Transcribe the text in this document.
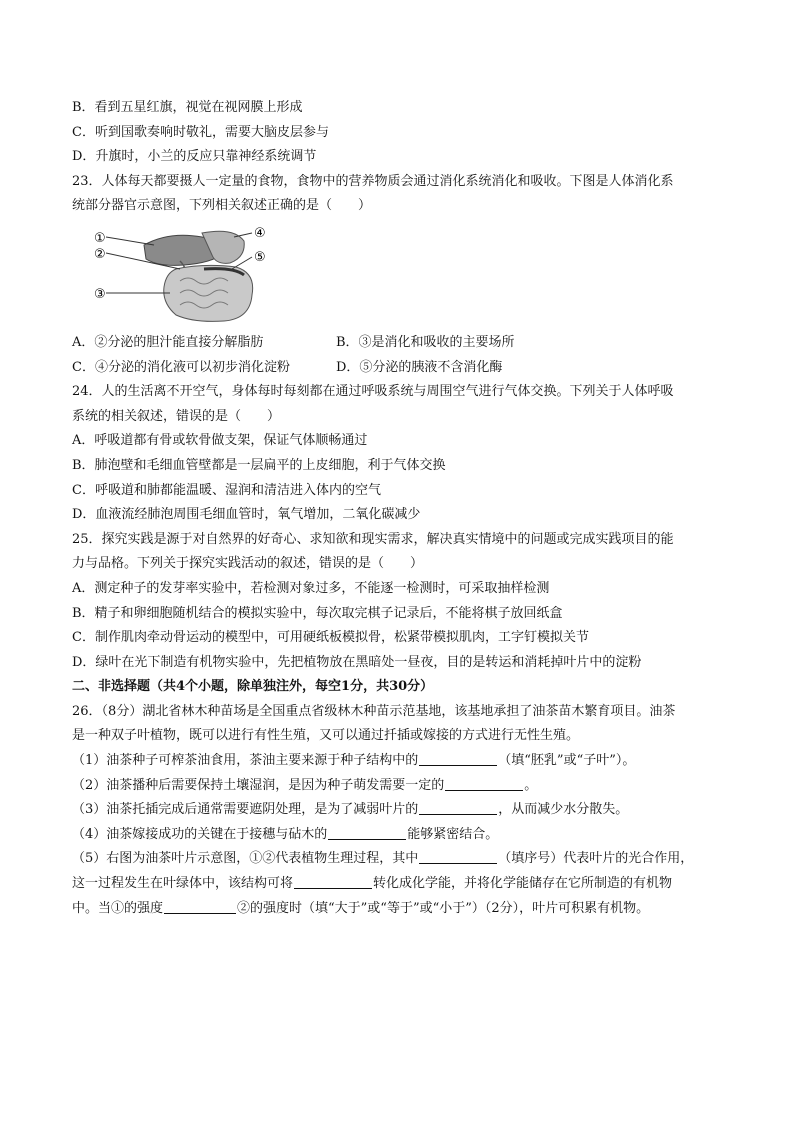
B．看到五星红旗，视觉在视网膜上形成
C．听到国歌奏响时敬礼，需要大脑皮层参与
D．升旗时，小兰的反应只靠神经系统调节
23．人体每天都要摄人一定量的食物，食物中的营养物质会通过消化系统消化和吸收。下图是人体消化系
统部分器官示意图，下列相关叙述正确的是（　　）
①
②
③
④
⑤
A．②分泌的胆汁能直接分解脂肪	B．③是消化和吸收的主要场所
C．④分泌的消化液可以初步消化淀粉	D．⑤分泌的胰液不含消化酶
24．人的生活离不开空气，身体每时每刻都在通过呼吸系统与周围空气进行气体交换。下列关于人体呼吸
系统的相关叙述，错误的是（　　）
A．呼吸道都有骨或软骨做支架，保证气体顺畅通过
B．肺泡壁和毛细血管壁都是一层扁平的上皮细胞，利于气体交换
C．呼吸道和肺都能温暖、湿润和清洁进入体内的空气
D．血液流经肺泡周围毛细血管时，氧气增加，二氧化碳减少
25．探究实践是源于对自然界的好奇心、求知欲和现实需求，解决真实情境中的问题或完成实践项目的能
力与品格。下列关于探究实践活动的叙述，错误的是（　　）
A．测定种子的发芽率实验中，若检测对象过多，不能逐一检测时，可采取抽样检测
B．精子和卵细胞随机结合的模拟实验中，每次取完棋子记录后，不能将棋子放回纸盒
C．制作肌肉牵动骨运动的模型中，可用硬纸板模拟骨，松紧带模拟肌肉，工字钉模拟关节
D．绿叶在光下制造有机物实验中，先把植物放在黑暗处一昼夜，目的是转运和消耗掉叶片中的淀粉
二、非选择题（共4个小题，除单独注外，每空1分，共30分）
26．（8分）湖北省林木种苗场是全国重点省级林木种苗示范基地，该基地承担了油茶苗木繁育项目。油茶
是一种双子叶植物，既可以进行有性生殖，又可以通过扦插或嫁接的方式进行无性生殖。
（1）油茶种子可榨茶油食用，茶油主要来源于种子结构中的	（填“胚乳”或“子叶”）。
（2）油茶播种后需要保持土壤湿润，是因为种子萌发需要一定的	。
（3）油茶托插完成后通常需要遮阴处理，是为了减弱叶片的	，从而减少水分散失。
（4）油茶嫁接成功的关键在于接穗与砧木的	能够紧密结合。
（5）右图为油茶叶片示意图，①②代表植物生理过程，其中	（填序号）代表叶片的光合作用，
这一过程发生在叶绿体中，该结构可将	转化成化学能，并将化学能储存在它所制造的有机物
中。当①的强度	②的强度时（填“大于”或“等于”或“小于”）（2分），叶片可积累有机物。
